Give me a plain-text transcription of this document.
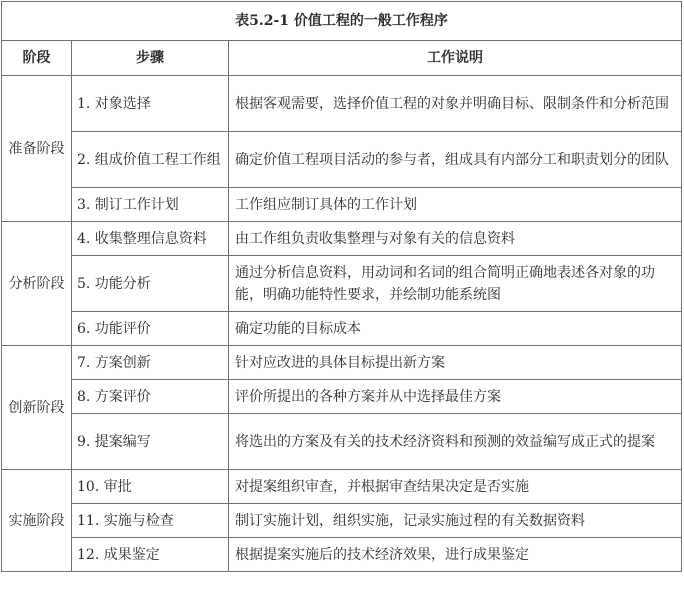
表5.2-1 价值工程的一般工作程序		
阶段	步骤	工作说明
准备阶段	1. 对象选择	根据客观需要，选择价值工程的对象并明确目标、限制条件和分析范围
	2. 组成价值工程工作组	确定价值工程项目活动的参与者，组成具有内部分工和职责划分的团队
	3. 制订工作计划	工作组应制订具体的工作计划
分析阶段	4. 收集整理信息资料	由工作组负责收集整理与对象有关的信息资料
	5. 功能分析	通过分析信息资料，用动词和名词的组合简明正确地表述各对象的功能，明确功能特性要求，并绘制功能系统图
	6. 功能评价	确定功能的目标成本
创新阶段	7. 方案创新	针对应改进的具体目标提出新方案
	8. 方案评价	评价所提出的各种方案并从中选择最佳方案
	9. 提案编写	将选出的方案及有关的技术经济资料和预测的效益编写成正式的提案
实施阶段	10. 审批	对提案组织审查，并根据审查结果决定是否实施
	11. 实施与检查	制订实施计划，组织实施，记录实施过程的有关数据资料
	12. 成果鉴定	根据提案实施后的技术经济效果，进行成果鉴定
